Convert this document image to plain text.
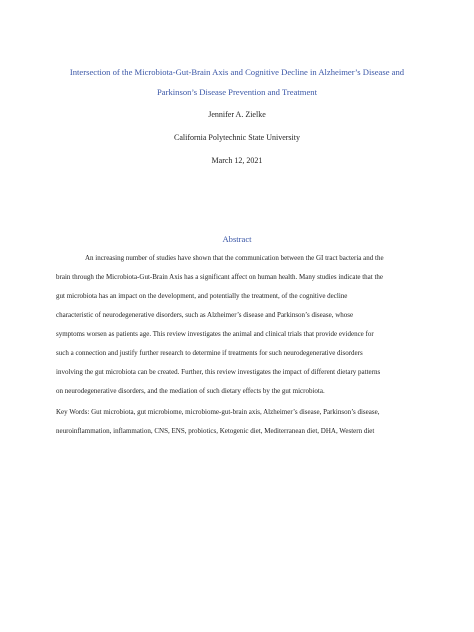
Intersection of the Microbiota-Gut-Brain Axis and Cognitive Decline in Alzheimer’s Disease and
Parkinson’s Disease Prevention and Treatment
Jennifer A. Zielke
California Polytechnic State University
March 12, 2021
Abstract
An increasing number of studies have shown that the communication between the GI tract bacteria and the
brain through the Microbiota-Gut-Brain Axis has a significant affect on human health. Many studies indicate that the
gut microbiota has an impact on the development, and potentially the treatment, of the cognitive decline
characteristic of neurodegenerative disorders, such as Alzheimer’s disease and Parkinson’s disease, whose
symptoms worsen as patients age. This review investigates the animal and clinical trials that provide evidence for
such a connection and justify further research to determine if treatments for such neurodegenerative disorders
involving the gut microbiota can be created. Further, this review investigates the impact of different dietary patterns
on neurodegenerative disorders, and the mediation of such dietary effects by the gut microbiota.
Key Words: Gut microbiota, gut microbiome, microbiome-gut-brain axis, Alzheimer’s disease, Parkinson’s disease,
neuroinflammation, inflammation, CNS, ENS, probiotics, Ketogenic diet, Mediterranean diet, DHA, Western diet
